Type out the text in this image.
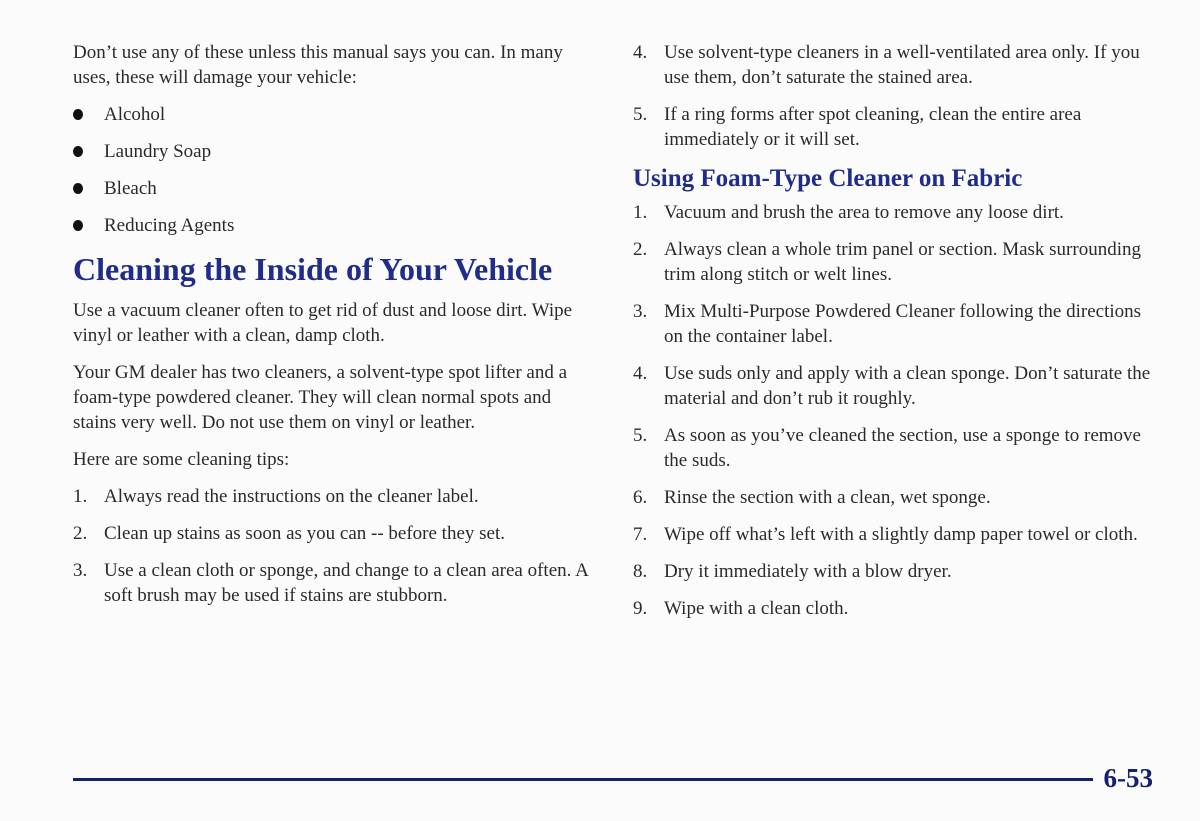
Don’t use any of these unless this manual says you can. In many uses, these will damage your vehicle:

Alcohol
Laundry Soap
Bleach
Reducing Agents
Cleaning the Inside of Your Vehicle

Use a vacuum cleaner often to get rid of dust and loose dirt. Wipe vinyl or leather with a clean, damp cloth.

Your GM dealer has two cleaners, a solvent-type spot lifter and a foam-type powdered cleaner. They will clean normal spots and stains very well. Do not use them on vinyl or leather.

Here are some cleaning tips:

1. Always read the instructions on the cleaner label.
2. Clean up stains as soon as you can -- before they set.
3. Use a clean cloth or sponge, and change to a clean area often. A soft brush may be used if stains are stubborn.
4. Use solvent-type cleaners in a well-ventilated area only. If you use them, don’t saturate the stained area.
5. If a ring forms after spot cleaning, clean the entire area immediately or it will set.
Using Foam-Type Cleaner on Fabric
1. Vacuum and brush the area to remove any loose dirt.
2. Always clean a whole trim panel or section. Mask surrounding trim along stitch or welt lines.
3. Mix Multi-Purpose Powdered Cleaner following the directions on the container label.
4. Use suds only and apply with a clean sponge. Don’t saturate the material and don’t rub it roughly.
5. As soon as you’ve cleaned the section, use a sponge to remove the suds.
6. Rinse the section with a clean, wet sponge.
7. Wipe off what’s left with a slightly damp paper towel or cloth.
8. Dry it immediately with a blow dryer.
9. Wipe with a clean cloth.
6-53
